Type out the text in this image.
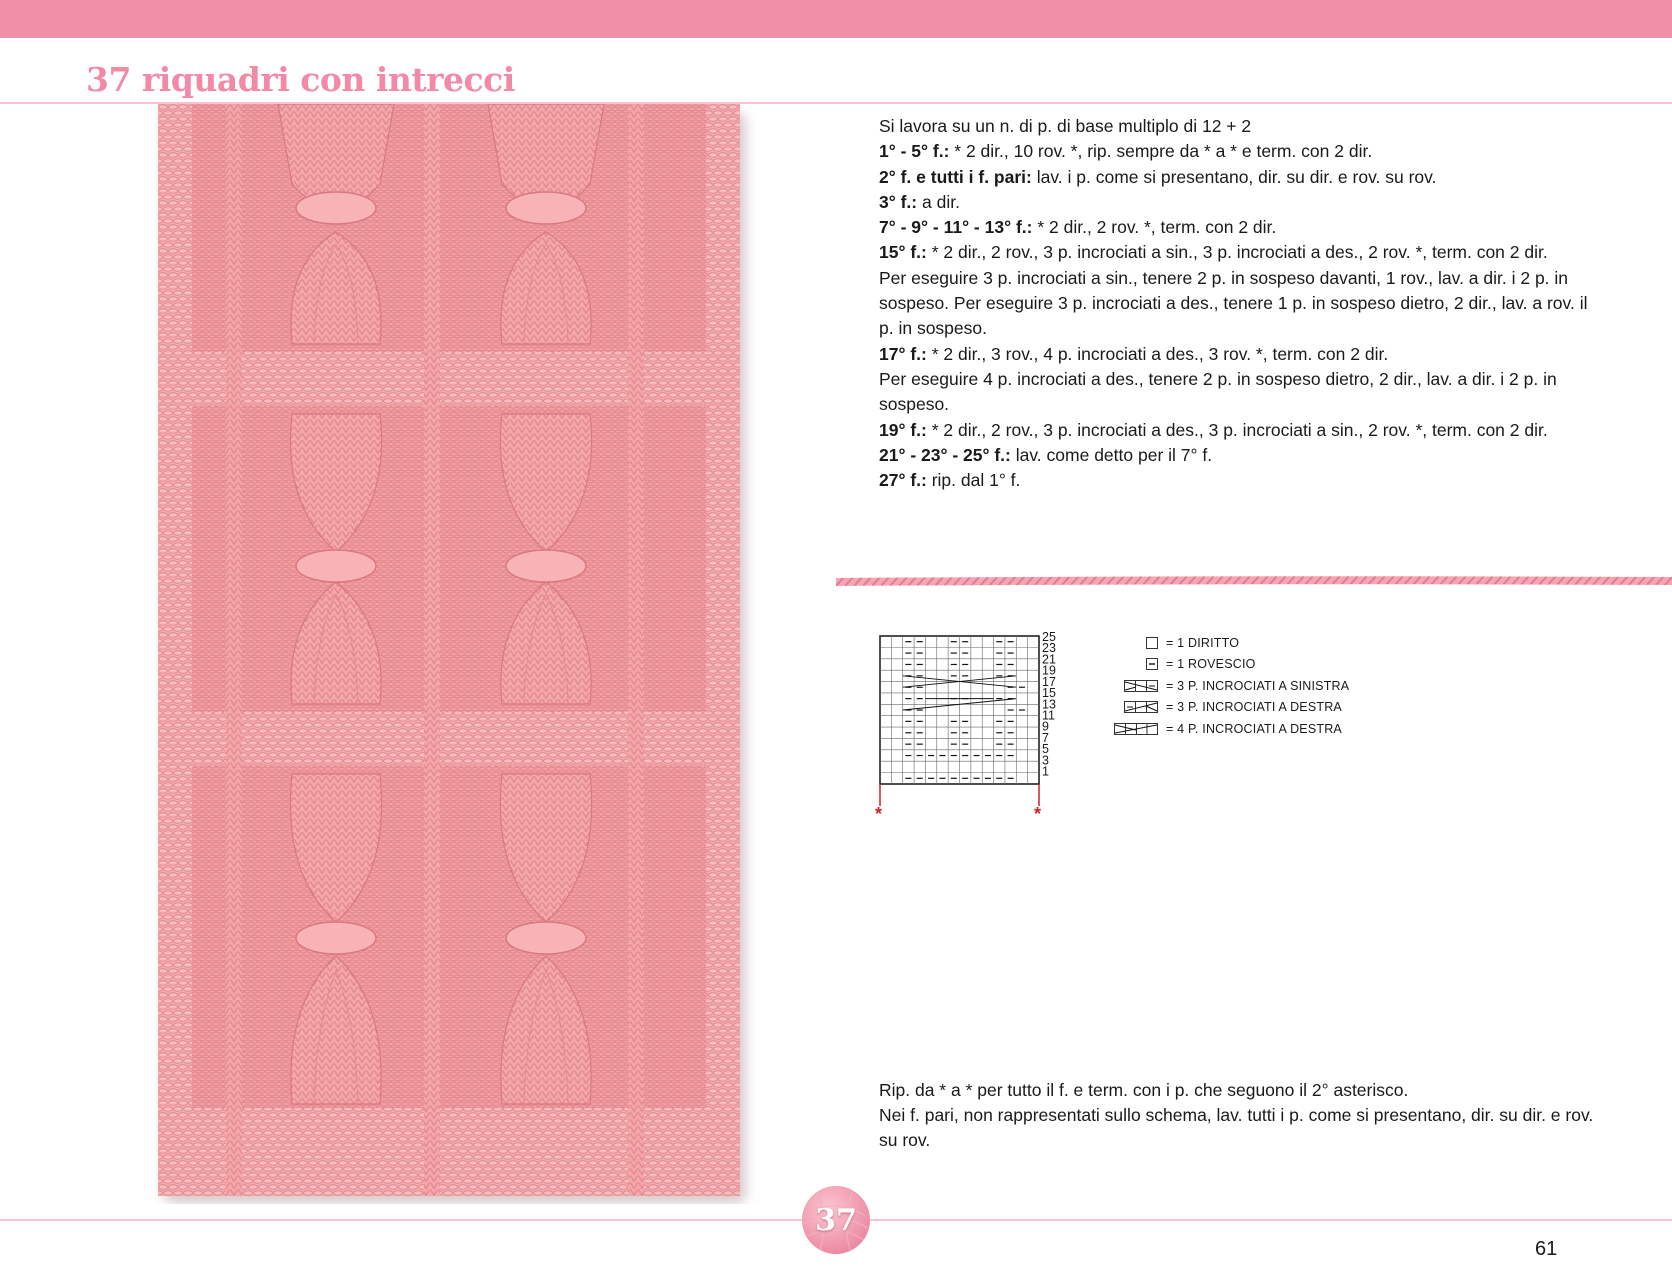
37 riquadri con intrecci

Si lavora su un n. di p. di base multiplo di 12 + 2

1° - 5° f.: * 2 dir., 10 rov. *, rip. sempre da * a * e term. con 2 dir.

2° f. e tutti i f. pari: lav. i p. come si presentano, dir. su dir. e rov. su rov.

3° f.: a dir.

7° - 9° - 11° - 13° f.: * 2 dir., 2 rov. *, term. con 2 dir.

15° f.: * 2 dir., 2 rov., 3 p. incrociati a sin., 3 p. incrociati a des., 2 rov. *, term. con 2 dir.

Per eseguire 3 p. incrociati a sin., tenere 2 p. in sospeso davanti, 1 rov., lav. a dir. i 2 p. in sospeso. Per eseguire 3 p. incrociati a des., tenere 1 p. in sospeso dietro, 2 dir., lav. a rov. il p. in sospeso.

17° f.: * 2 dir., 3 rov., 4 p. incrociati a des., 3 rov. *, term. con 2 dir.

Per eseguire 4 p. incrociati a des., tenere 2 p. in sospeso dietro, 2 dir., lav. a dir. i 2 p. in sospeso.

19° f.: * 2 dir., 2 rov., 3 p. incrociati a des., 3 p. incrociati a sin., 2 rov. *, term. con 2 dir.

21° - 23° - 25° f.: lav. come detto per il 7° f.

27° f.: rip. dal 1° f.

25
23
21
19
17
15
13
11
9
7
5
3
1
*	*
= 1 DIRITTO
= 1 ROVESCIO
= 3 P. INCROCIATI A SINISTRA
= 3 P. INCROCIATI A DESTRA
= 4 P. INCROCIATI A DESTRA

Rip. da * a * per tutto il f. e term. con i p. che seguono il 2° asterisco.

Nei f. pari, non rappresentati sullo schema, lav. tutti i p. come si presentano, dir. su dir. e rov. su rov.

37
61
